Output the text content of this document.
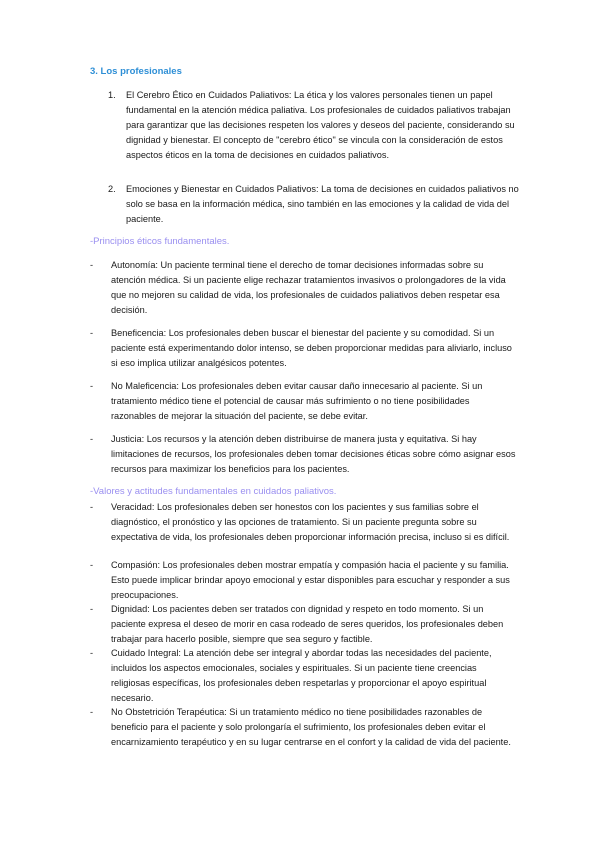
3. Los profesionales
1. El Cerebro Ético en Cuidados Paliativos: La ética y los valores personales tienen un papel fundamental en la atención médica paliativa. Los profesionales de cuidados paliativos trabajan para garantizar que las decisiones respeten los valores y deseos del paciente, considerando su dignidad y bienestar. El concepto de "cerebro ético" se vincula con la consideración de estos aspectos éticos en la toma de decisiones en cuidados paliativos.
2. Emociones y Bienestar en Cuidados Paliativos: La toma de decisiones en cuidados paliativos no solo se basa en la información médica, sino también en las emociones y la calidad de vida del paciente.
-Principios éticos fundamentales.
- Autonomía: Un paciente terminal tiene el derecho de tomar decisiones informadas sobre su atención médica. Si un paciente elige rechazar tratamientos invasivos o prolongadores de la vida que no mejoren su calidad de vida, los profesionales de cuidados paliativos deben respetar esa decisión.
- Beneficencia: Los profesionales deben buscar el bienestar del paciente y su comodidad. Si un paciente está experimentando dolor intenso, se deben proporcionar medidas para aliviarlo, incluso si eso implica utilizar analgésicos potentes.
- No Maleficencia: Los profesionales deben evitar causar daño innecesario al paciente. Si un tratamiento médico tiene el potencial de causar más sufrimiento o no tiene posibilidades razonables de mejorar la situación del paciente, se debe evitar.
- Justicia: Los recursos y la atención deben distribuirse de manera justa y equitativa. Si hay limitaciones de recursos, los profesionales deben tomar decisiones éticas sobre cómo asignar esos recursos para maximizar los beneficios para los pacientes.
-Valores y actitudes fundamentales en cuidados paliativos.
- Veracidad: Los profesionales deben ser honestos con los pacientes y sus familias sobre el diagnóstico, el pronóstico y las opciones de tratamiento. Si un paciente pregunta sobre su expectativa de vida, los profesionales deben proporcionar información precisa, incluso si es difícil.
- Compasión: Los profesionales deben mostrar empatía y compasión hacia el paciente y su familia. Esto puede implicar brindar apoyo emocional y estar disponibles para escuchar y responder a sus preocupaciones.
- Dignidad: Los pacientes deben ser tratados con dignidad y respeto en todo momento. Si un paciente expresa el deseo de morir en casa rodeado de seres queridos, los profesionales deben trabajar para hacerlo posible, siempre que sea seguro y factible.
- Cuidado Integral: La atención debe ser integral y abordar todas las necesidades del paciente, incluidos los aspectos emocionales, sociales y espirituales. Si un paciente tiene creencias religiosas específicas, los profesionales deben respetarlas y proporcionar el apoyo espiritual necesario.
- No Obstetrición Terapéutica: Si un tratamiento médico no tiene posibilidades razonables de beneficio para el paciente y solo prolongaría el sufrimiento, los profesionales deben evitar el encarnizamiento terapéutico y en su lugar centrarse en el confort y la calidad de vida del paciente.
